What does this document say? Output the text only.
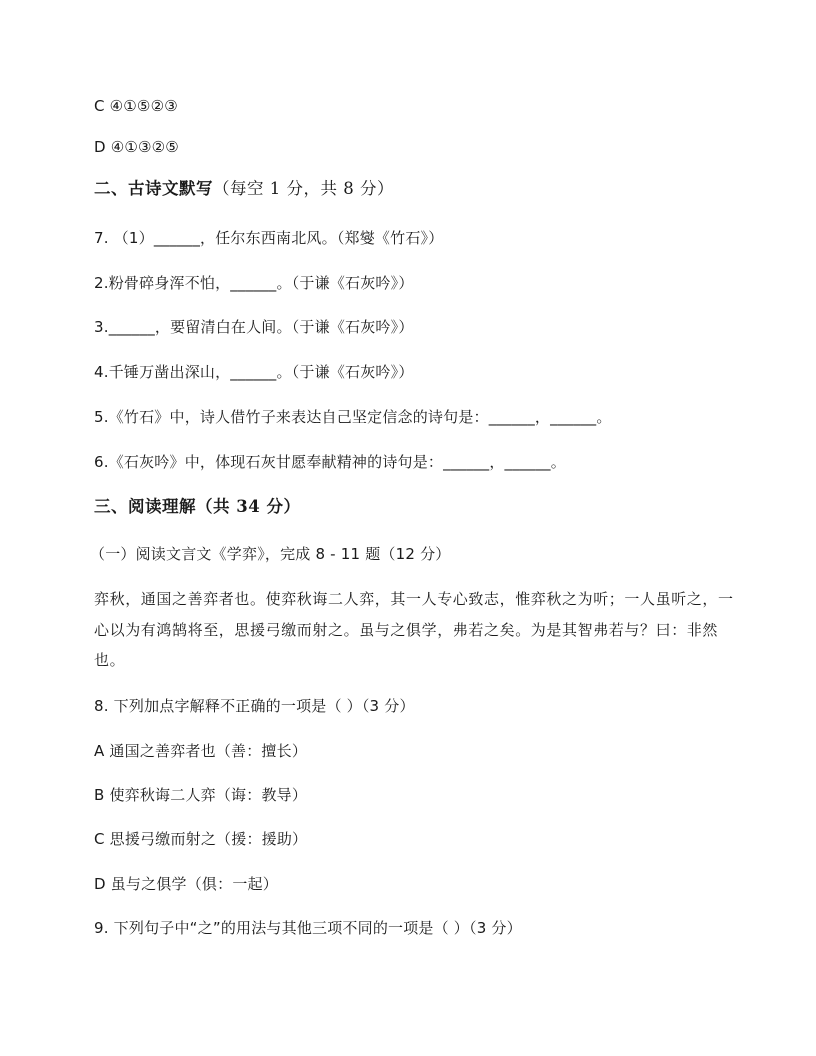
C ④①⑤②③
D ④①③②⑤
二、古诗文默写（每空 1 分，共 8 分）
7. （1）______，任尔东西南北风。（郑燮《竹石》）
2.粉骨碎身浑不怕，______。（于谦《石灰吟》）
3.______，要留清白在人间。（于谦《石灰吟》）
4.千锤万凿出深山，______。（于谦《石灰吟》）
5.《竹石》中，诗人借竹子来表达自己坚定信念的诗句是：______，______。
6.《石灰吟》中，体现石灰甘愿奉献精神的诗句是：______，______。
三、阅读理解（共 34 分）
（一）阅读文言文《学弈》，完成 8 - 11 题（12 分）
弈秋，通国之善弈者也。使弈秋诲二人弈，其一人专心致志，惟弈秋之为听；一人虽听之，一心以为有鸿鹄将至，思援弓缴而射之。虽与之俱学，弗若之矣。为是其智弗若与？曰：非然也。
8. 下列加点字解释不正确的一项是（ ）（3 分）
A 通国之善弈者也（善：擅长）
B 使弈秋诲二人弈（诲：教导）
C 思援弓缴而射之（援：援助）
D 虽与之俱学（俱：一起）
9. 下列句子中“之”的用法与其他三项不同的一项是（ ）（3 分）
